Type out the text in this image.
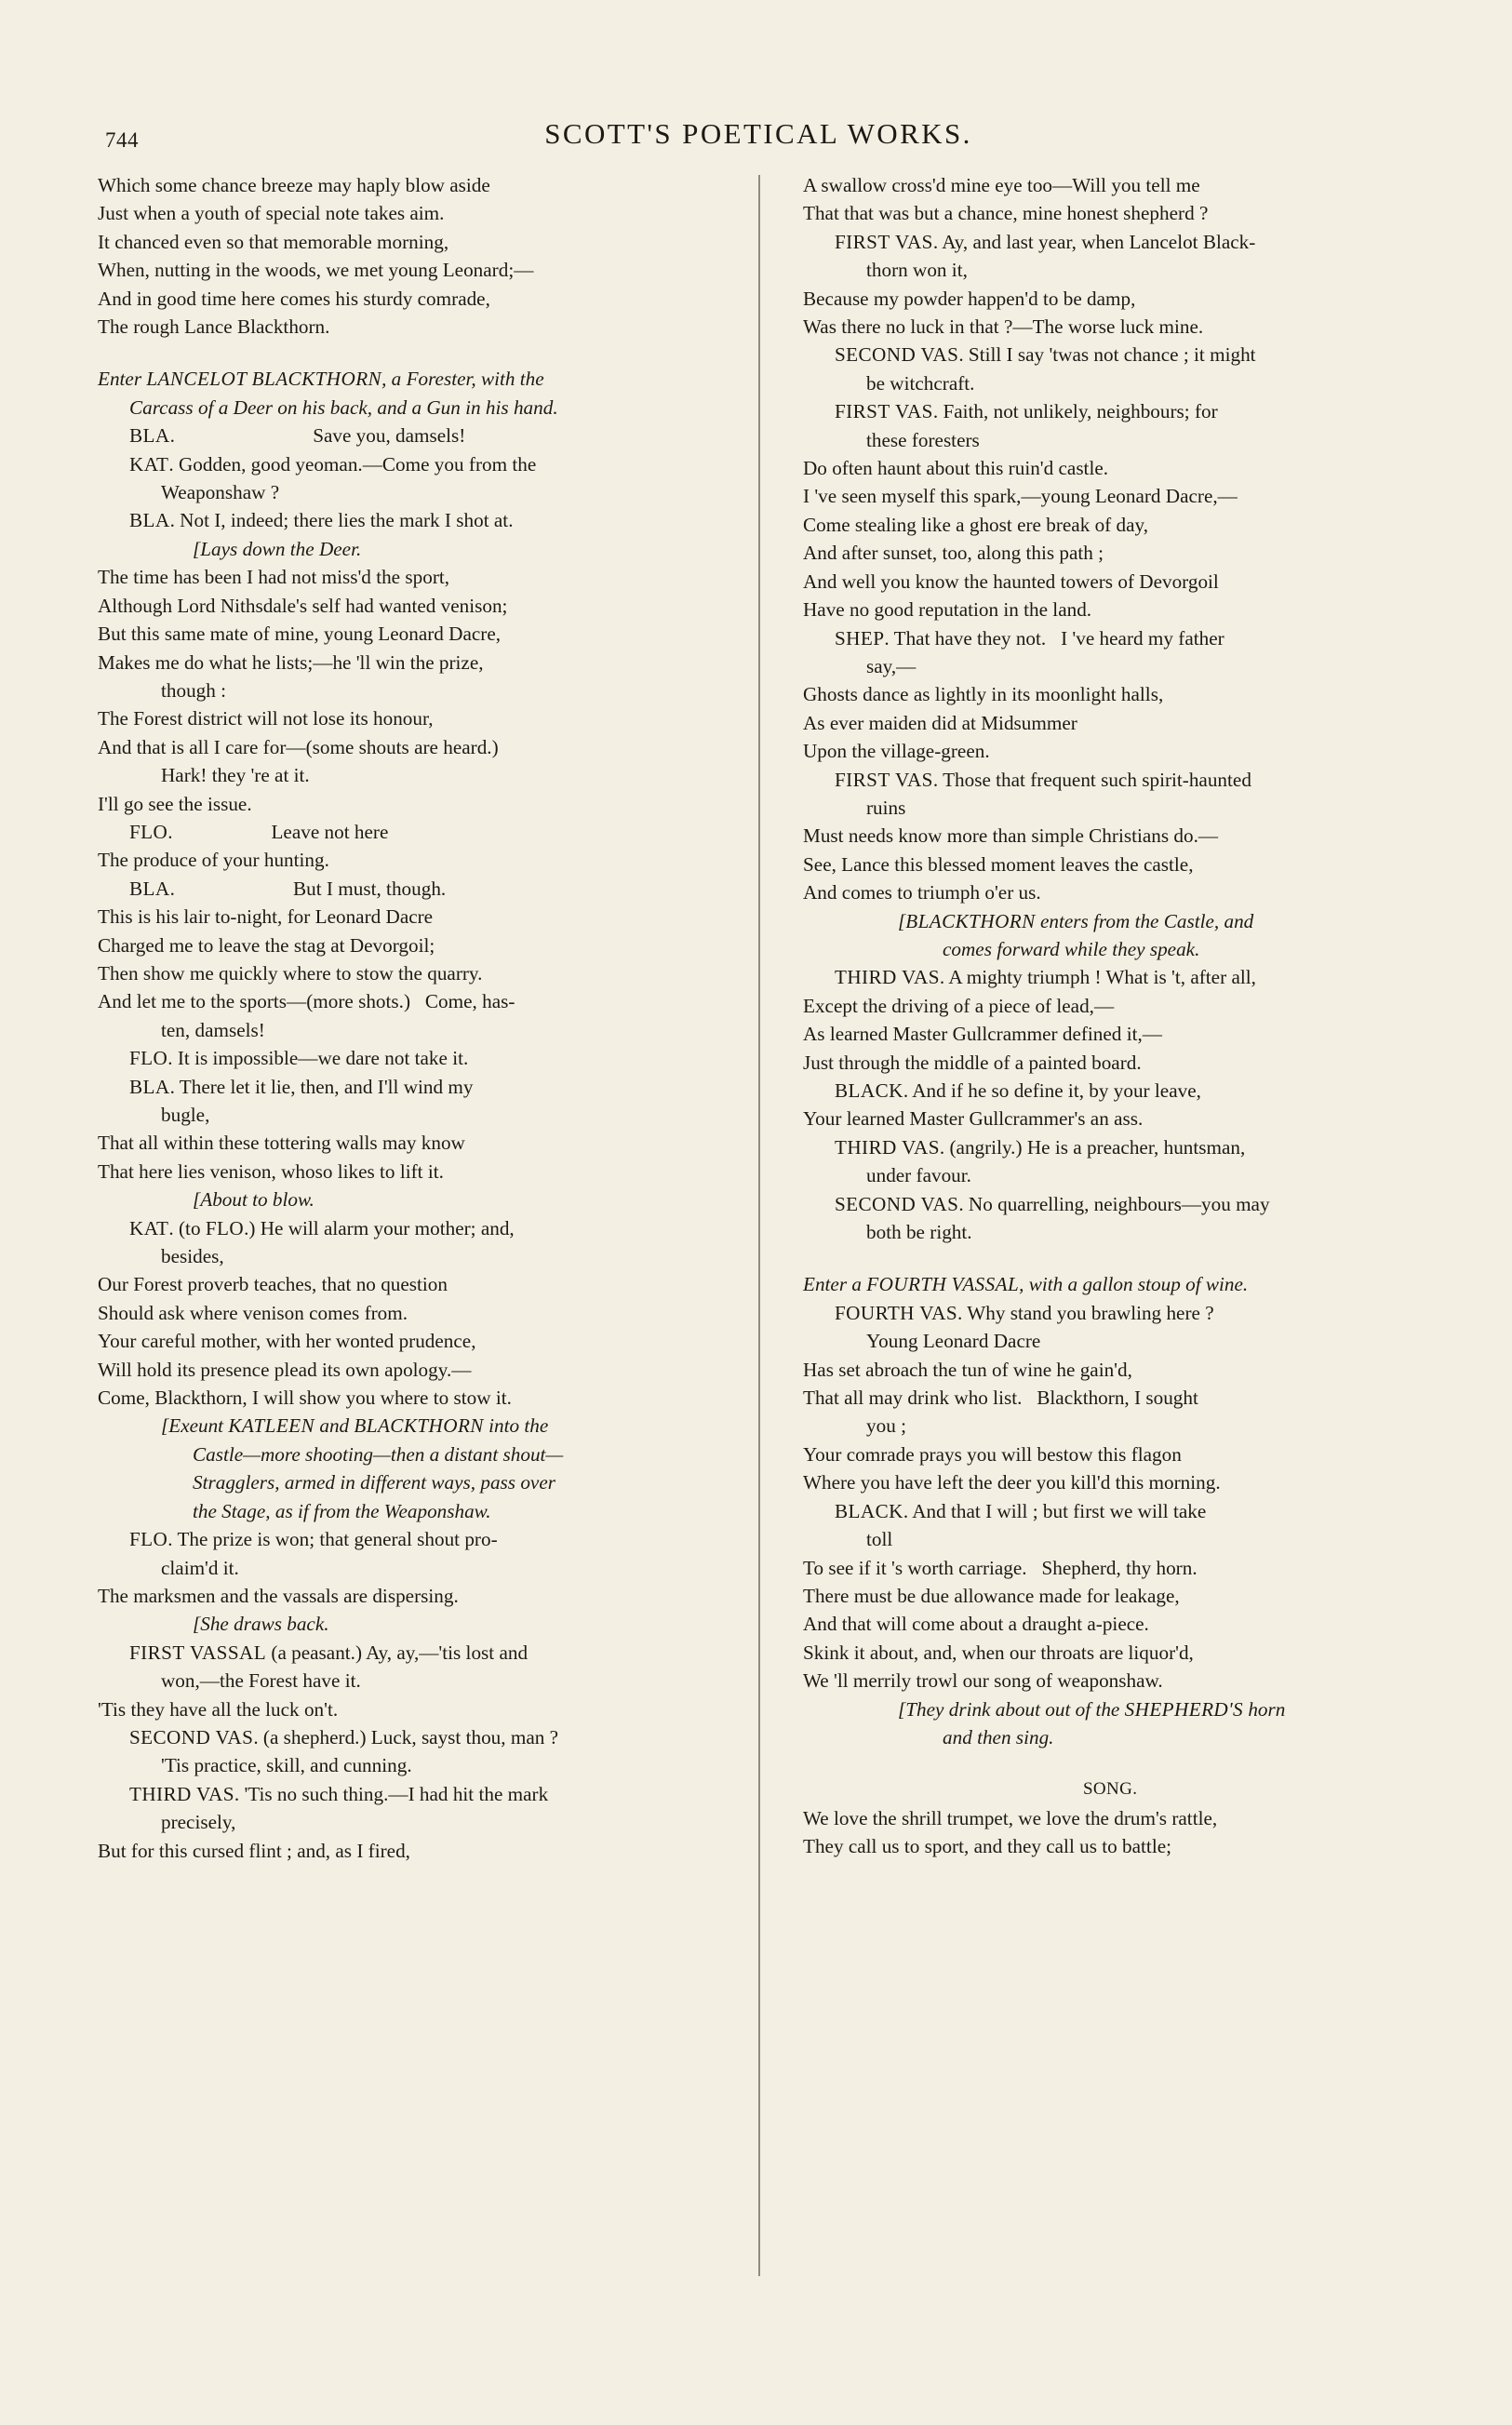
744	SCOTT'S POETICAL WORKS.
Which some chance breeze may haply blow aside
Just when a youth of special note takes aim.
It chanced even so that memorable morning,
When, nutting in the woods, we met young Leonard;—
And in good time here comes his sturdy comrade,
The rough Lance Blackthorn.
Enter LANCELOT BLACKTHORN, a Forester, with the
Carcass of a Deer on his back, and a Gun in his hand.
BLA.                            Save you, damsels!
KAT. Godden, good yeoman.—Come you from the
Weaponshaw ?
BLA. Not I, indeed; there lies the mark I shot at.
[Lays down the Deer.
The time has been I had not miss'd the sport,
Although Lord Nithsdale's self had wanted venison;
But this same mate of mine, young Leonard Dacre,
Makes me do what he lists;—he 'll win the prize,
though :
The Forest district will not lose its honour,
And that is all I care for—(some shouts are heard.)
Hark! they 're at it.
I'll go see the issue.
FLO.                    Leave not here
The produce of your hunting.
BLA.                        But I must, though.
This is his lair to-night, for Leonard Dacre
Charged me to leave the stag at Devorgoil;
Then show me quickly where to stow the quarry.
And let me to the sports—(more shots.)   Come, has-
ten, damsels!
FLO. It is impossible—we dare not take it.
BLA. There let it lie, then, and I'll wind my
bugle,
That all within these tottering walls may know
That here lies venison, whoso likes to lift it.
[About to blow.
KAT. (to FLO.) He will alarm your mother; and,
besides,
Our Forest proverb teaches, that no question
Should ask where venison comes from.
Your careful mother, with her wonted prudence,
Will hold its presence plead its own apology.—
Come, Blackthorn, I will show you where to stow it.
[Exeunt KATLEEN and BLACKTHORN into the
Castle—more shooting—then a distant shout—
Stragglers, armed in different ways, pass over
the Stage, as if from the Weaponshaw.
FLO. The prize is won; that general shout pro-
claim'd it.
The marksmen and the vassals are dispersing.
[She draws back.
FIRST VASSAL (a peasant.) Ay, ay,—'tis lost and
won,—the Forest have it.
'Tis they have all the luck on't.
SECOND VAS. (a shepherd.) Luck, sayst thou, man ?
'Tis practice, skill, and cunning.
THIRD VAS. 'Tis no such thing.—I had hit the mark
precisely,
But for this cursed flint ; and, as I fired,
A swallow cross'd mine eye too—Will you tell me
That that was but a chance, mine honest shepherd ?
FIRST VAS. Ay, and last year, when Lancelot Black-
thorn won it,
Because my powder happen'd to be damp,
Was there no luck in that ?—The worse luck mine.
SECOND VAS. Still I say 'twas not chance ; it might
be witchcraft.
FIRST VAS. Faith, not unlikely, neighbours; for
these foresters
Do often haunt about this ruin'd castle.
I 've seen myself this spark,—young Leonard Dacre,—
Come stealing like a ghost ere break of day,
And after sunset, too, along this path ;
And well you know the haunted towers of Devorgoil
Have no good reputation in the land.
SHEP. That have they not.   I 've heard my father
say,—
Ghosts dance as lightly in its moonlight halls,
As ever maiden did at Midsummer
Upon the village-green.
FIRST VAS. Those that frequent such spirit-haunted
ruins
Must needs know more than simple Christians do.—
See, Lance this blessed moment leaves the castle,
And comes to triumph o'er us.
[BLACKTHORN enters from the Castle, and
comes forward while they speak.
THIRD VAS. A mighty triumph ! What is 't, after all,
Except the driving of a piece of lead,—
As learned Master Gullcrammer defined it,—
Just through the middle of a painted board.
BLACK. And if he so define it, by your leave,
Your learned Master Gullcrammer's an ass.
THIRD VAS. (angrily.) He is a preacher, huntsman,
under favour.
SECOND VAS. No quarrelling, neighbours—you may
both be right.
Enter a FOURTH VASSAL, with a gallon stoup of wine.
FOURTH VAS. Why stand you brawling here ?
Young Leonard Dacre
Has set abroach the tun of wine he gain'd,
That all may drink who list.   Blackthorn, I sought
you ;
Your comrade prays you will bestow this flagon
Where you have left the deer you kill'd this morning.
BLACK. And that I will ; but first we will take
toll
To see if it 's worth carriage.   Shepherd, thy horn.
There must be due allowance made for leakage,
And that will come about a draught a-piece.
Skink it about, and, when our throats are liquor'd,
We 'll merrily trowl our song of weaponshaw.
[They drink about out of the SHEPHERD'S horn
and then sing.
SONG.
We love the shrill trumpet, we love the drum's rattle,
They call us to sport, and they call us to battle;
